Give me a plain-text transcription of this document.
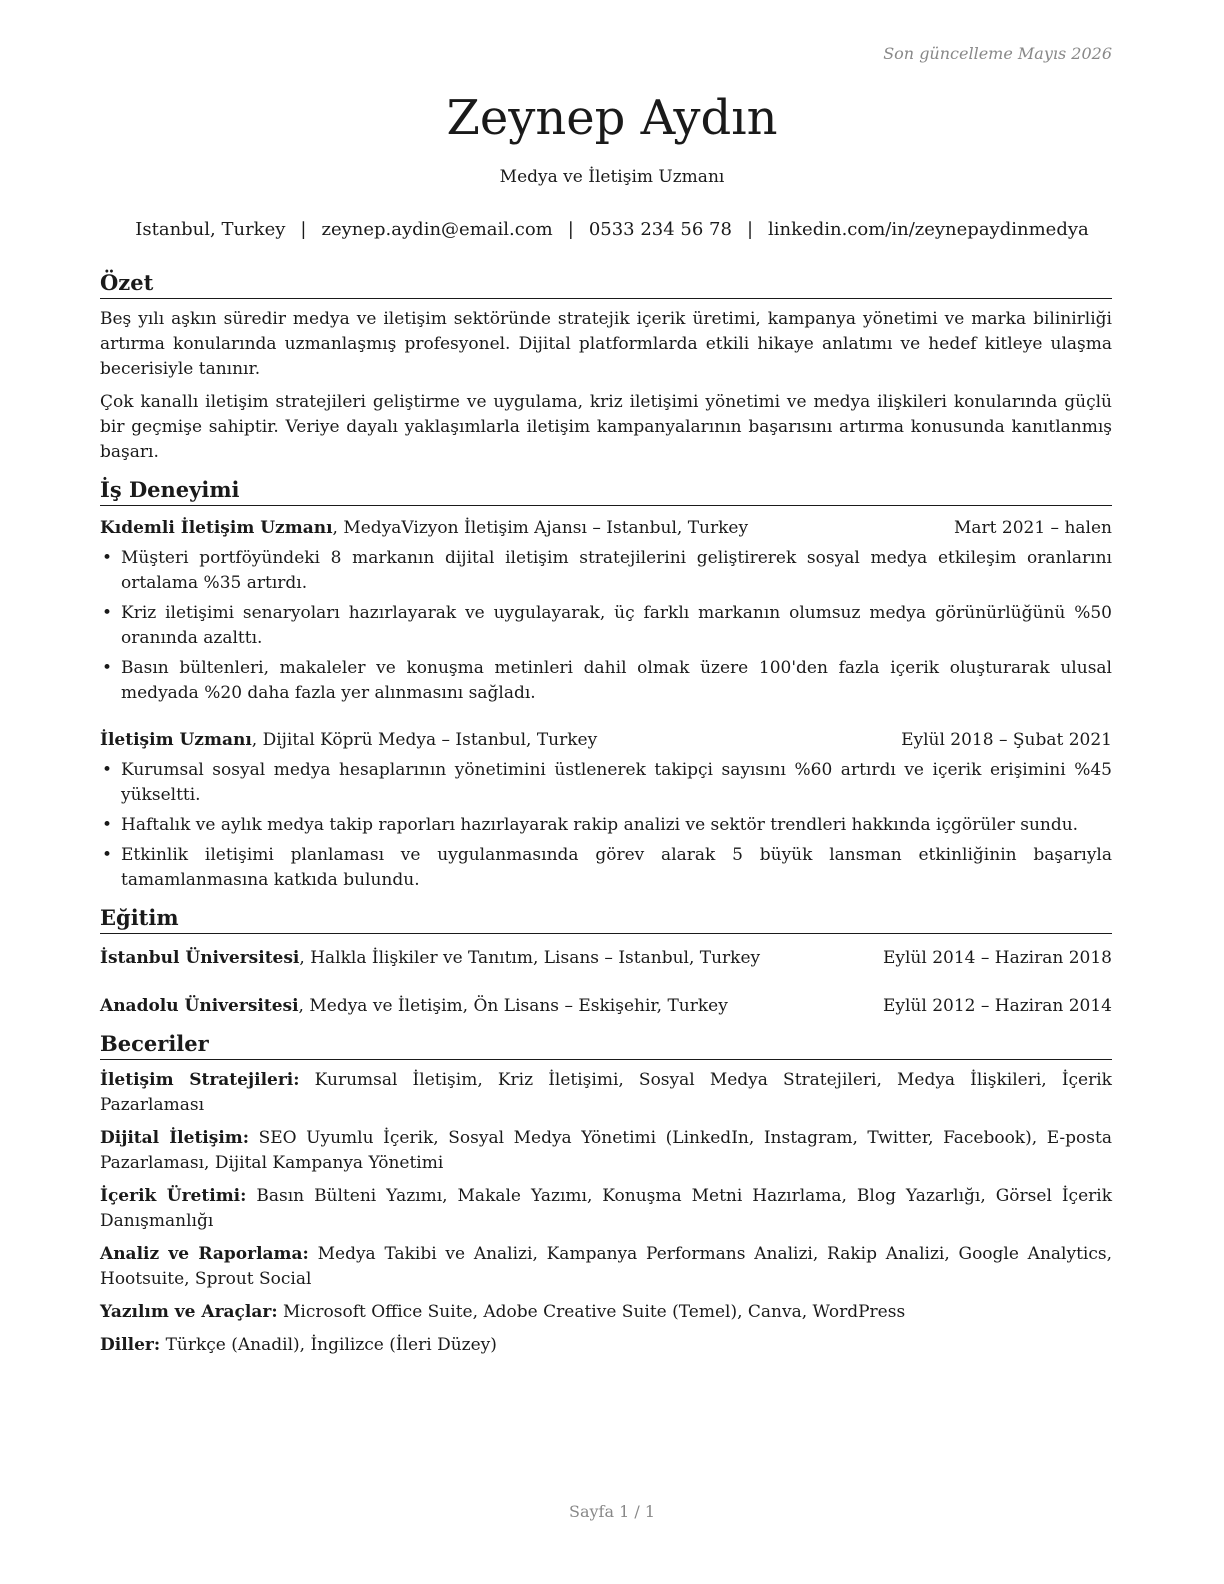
Son güncelleme Mayıs 2026
Zeynep Aydın
Medya ve İletişim Uzmanı
Istanbul, Turkey | zeynep.aydin@email.com | 0533 234 56 78 | linkedin.com/in/zeynepaydinmedya
Özet

Beş yılı aşkın süredir medya ve iletişim sektöründe stratejik içerik üretimi, kampanya yönetimi ve marka bilinirliği artırma konularında uzmanlaşmış profesyonel. Dijital platformlarda etkili hikaye anlatımı ve hedef kitleye ulaşma becerisiyle tanınır.

Çok kanallı iletişim stratejileri geliştirme ve uygulama, kriz iletişimi yönetimi ve medya ilişkileri konularında güçlü bir geçmişe sahiptir. Veriye dayalı yaklaşımlarla iletişim kampanyalarının başarısını artırma konusunda kanıtlanmış başarı.

İş Deneyimi
Kıdemli İletişim Uzmanı, MedyaVizyon İletişim Ajansı – Istanbul, Turkey	Mart 2021 – halen
• Müşteri portföyündeki 8 markanın dijital iletişim stratejilerini geliştirerek sosyal medya etkileşim oranlarını ortalama %35 artırdı.
• Kriz iletişimi senaryoları hazırlayarak ve uygulayarak, üç farklı markanın olumsuz medya görünürlüğünü %50 oranında azalttı.
• Basın bültenleri, makaleler ve konuşma metinleri dahil olmak üzere 100'den fazla içerik oluşturarak ulusal medyada %20 daha fazla yer alınmasını sağladı.
İletişim Uzmanı, Dijital Köprü Medya – Istanbul, Turkey	Eylül 2018 – Şubat 2021
• Kurumsal sosyal medya hesaplarının yönetimini üstlenerek takipçi sayısını %60 artırdı ve içerik erişimini %45 yükseltti.
• Haftalık ve aylık medya takip raporları hazırlayarak rakip analizi ve sektör trendleri hakkında içgörüler sundu.
• Etkinlik iletişimi planlaması ve uygulanmasında görev alarak 5 büyük lansman etkinliğinin başarıyla tamamlanmasına katkıda bulundu.
Eğitim
İstanbul Üniversitesi, Halkla İlişkiler ve Tanıtım, Lisans – Istanbul, Turkey	Eylül 2014 – Haziran 2018
Anadolu Üniversitesi, Medya ve İletişim, Ön Lisans – Eskişehir, Turkey	Eylül 2012 – Haziran 2014
Beceriler

İletişim Stratejileri: Kurumsal İletişim, Kriz İletişimi, Sosyal Medya Stratejileri, Medya İlişkileri, İçerik Pazarlaması

Dijital İletişim: SEO Uyumlu İçerik, Sosyal Medya Yönetimi (LinkedIn, Instagram, Twitter, Facebook), E-posta Pazarlaması, Dijital Kampanya Yönetimi

İçerik Üretimi: Basın Bülteni Yazımı, Makale Yazımı, Konuşma Metni Hazırlama, Blog Yazarlığı, Görsel İçerik Danışmanlığı

Analiz ve Raporlama: Medya Takibi ve Analizi, Kampanya Performans Analizi, Rakip Analizi, Google Analytics, Hootsuite, Sprout Social

Yazılım ve Araçlar: Microsoft Office Suite, Adobe Creative Suite (Temel), Canva, WordPress

Diller: Türkçe (Anadil), İngilizce (İleri Düzey)

Sayfa 1 / 1
